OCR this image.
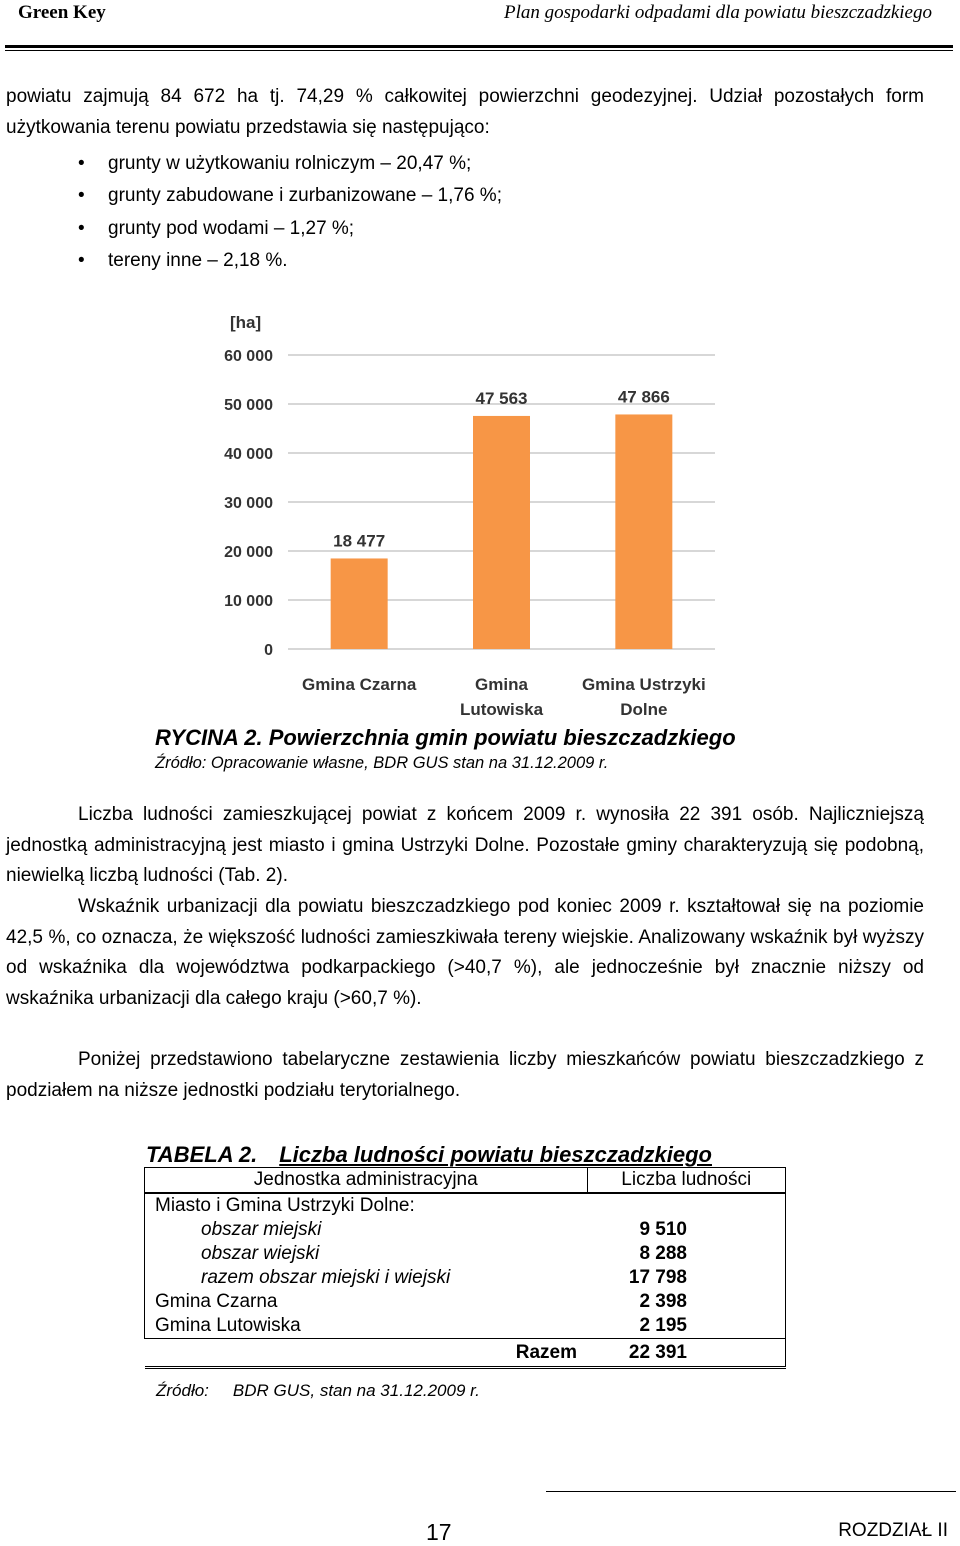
Green Key	Plan gospodarki odpadami dla powiatu bieszczadzkiego

powiatu zajmują 84 672 ha tj. 74,29 % całkowitej powierzchni geodezyjnej. Udział pozostałych form użytkowania terenu powiatu przedstawia się następująco:

• grunty w użytkowaniu rolniczym – 20,47 %;
• grunty zabudowane i zurbanizowane – 1,76 %;
• grunty pod wodami – 1,27 %;
• tereny inne – 2,18 %.
[ha]
0
10 000
20 000
30 000
40 000
50 000
60 000
18 477
Gmina Czarna
47 563
Gmina
Lutowiska
47 866
Gmina Ustrzyki
Dolne
RYCINA 2. Powierzchnia gmin powiatu bieszczadzkiego
Źródło: Opracowanie własne, BDR GUS stan na 31.12.2009 r.

Liczba ludności zamieszkującej powiat z końcem 2009 r. wynosiła 22 391 osób. Najliczniejszą jednostką administracyjną jest miasto i gmina Ustrzyki Dolne. Pozostałe gminy charakteryzują się podobną, niewielką liczbą ludności (Tab. 2).

Wskaźnik urbanizacji dla powiatu bieszczadzkiego pod koniec 2009 r. kształtował się na poziomie 42,5 %, co oznacza, że większość ludności zamieszkiwała tereny wiejskie. Analizowany wskaźnik był wyższy od wskaźnika dla województwa podkarpackiego (>40,7 %), ale jednocześnie był znacznie niższy od wskaźnika urbanizacji dla całego kraju (>60,7 %).

Poniżej przedstawiono tabelaryczne zestawienia liczby mieszkańców powiatu bieszczadzkiego z podziałem na niższe jednostki podziału terytorialnego.

TABELA 2. Liczba ludności powiatu bieszczadzkiego
Jednostka administracyjna	Liczba ludności
Miasto i Gmina Ustrzyki Dolne:	
obszar miejski	9 510
obszar wiejski	8 288
razem obszar miejski i wiejski	17 798
Gmina Czarna	2 398
Gmina Lutowiska	2 195
Razem	22 391
Źródło: BDR GUS, stan na 31.12.2009 r.
17	ROZDZIAŁ II
